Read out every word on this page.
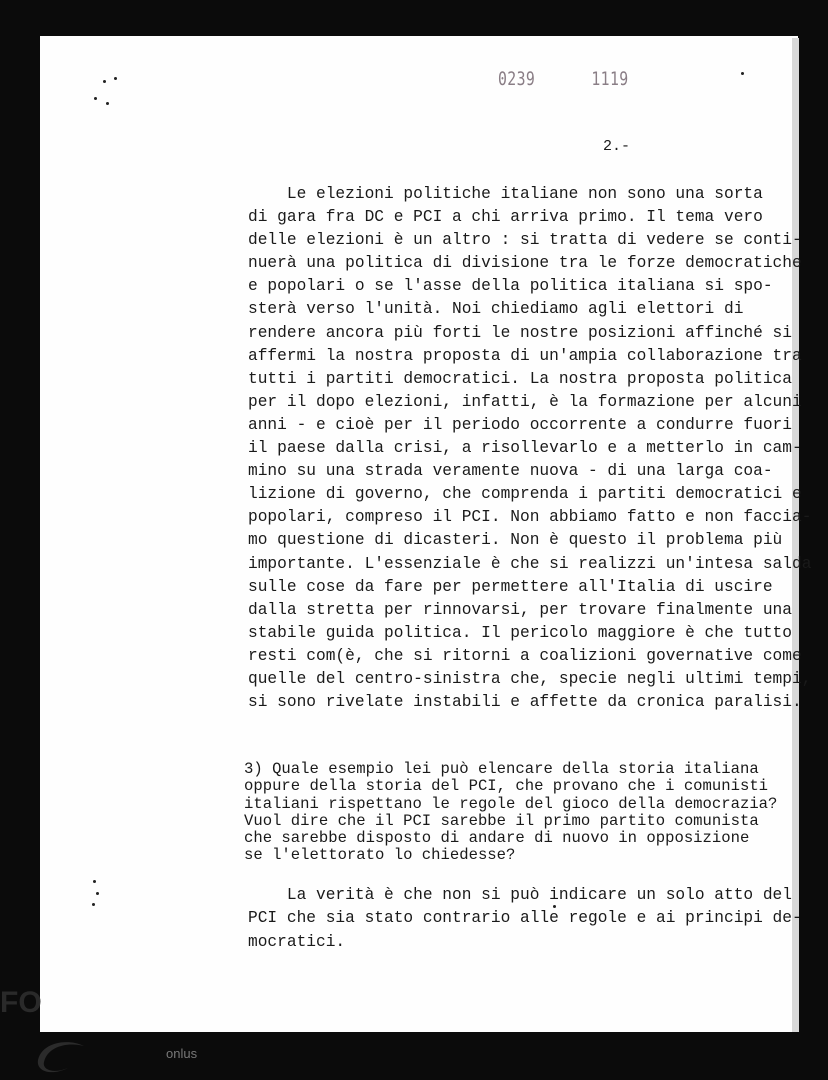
0239  1119
2.-
Le elezioni politiche italiane non sono una sorta
di gara fra DC e PCI a chi arriva primo. Il tema vero
delle elezioni è un altro : si tratta di vedere se conti-
nuerà una politica di divisione tra le forze democratiche
e popolari o se l'asse della politica italiana si spo-
sterà verso l'unità. Noi chiediamo agli elettori di
rendere ancora più forti le nostre posizioni affinché si
affermi la nostra proposta di un'ampia collaborazione tra
tutti i partiti democratici. La nostra proposta politica
per il dopo elezioni, infatti, è la formazione per alcuni
anni - e cioè per il periodo occorrente a condurre fuori
il paese dalla crisi, a risollevarlo e a metterlo in cam-
mino su una strada veramente nuova - di una larga coa-
lizione di governo, che comprenda i partiti democratici e
popolari, compreso il PCI. Non abbiamo fatto e non faccia-
mo questione di dicasteri. Non è questo il problema più
importante. L'essenziale è che si realizzi un'intesa salda
sulle cose da fare per permettere all'Italia di uscire
dalla stretta per rinnovarsi, per trovare finalmente una
stabile guida politica. Il pericolo maggiore è che tutto
resti com(è, che si ritorni a coalizioni governative come
quelle del centro-sinistra che, specie negli ultimi tempi,
si sono rivelate instabili e affette da cronica paralisi.
3) Quale esempio lei può elencare della storia italiana
oppure della storia del PCI, che provano che i comunisti
italiani rispettano le regole del gioco della democrazia?
Vuol dire che il PCI sarebbe il primo partito comunista
che sarebbe disposto di andare di nuovo in opposizione
se l'elettorato lo chiedesse?
La verità è che non si può indicare un solo atto del
PCI che sia stato contrario alle regole e ai principi de-
mocratici.
FO
onlus
